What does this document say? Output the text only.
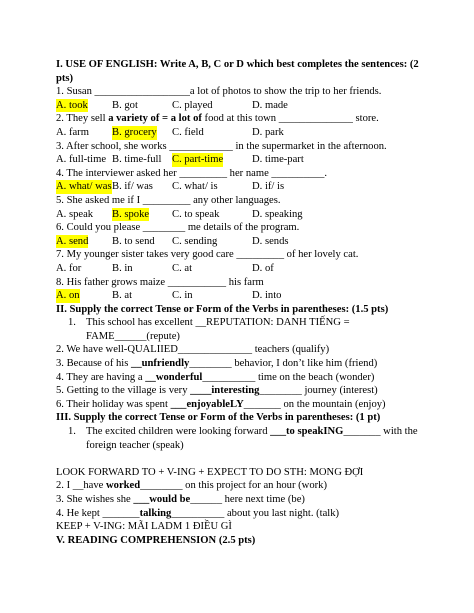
I. USE OF ENGLISH: Write A, B, C or D which best completes the sentences: (2
pts)
1. Susan __________________a lot of photos to show the trip to her friends.
A. took B. got	C. played	D. made
2. They sell a variety of = a lot of food at this town ______________ store.
A. farm B. grocery C. field	D. park
3. After school, she works ____________ in the supermarket in the afternoon.
A. full-time B. time-full C. part-time	D. time-part
4. The interviewer asked her _________ her name __________.
A. what/ was B. if/ was C. what/ is	D. if/ is
5. She asked me if I _________ any other languages.
A. speak B. spoke C. to speak	D. speaking
6. Could you please ________ me details of the program.
A. send B. to send C. sending	D. sends
7. My younger sister takes very good care _________ of her lovely cat.
A. for	B. in	C. at	D. of
8. His father grows maize ___________ his farm
A. on	B. at	C. in	D. into
II. Supply the correct Tense or Form of the Verbs in parentheses: (1.5 pts)
1. This school has excellent __REPUTATION: DANH TIẾNG =
FAME______(repute)
2. We have well-QUALIIED______________ teachers (qualify)
3. Because of his __unfriendly________ behavior, I don’t like him (friend)
4. They are having a __wonderful__________ time on the beach (wonder)
5. Getting to the village is very ____interesting________ journey (interest)
6. Their holiday was spent ___enjoyableLY_______ on the mountain (enjoy)
III. Supply the correct Tense or Form of the Verbs in parentheses: (1 pt)
1. The excited children were looking forward ___to speakING_______ with the
foreign teacher (speak)
LOOK FORWARD TO + V-ING + EXPECT TO DO STH: MONG ĐỢI
2. I __have worked________ on this project for an hour (work)
3. She wishes she ___would be______ here next time (be)
4. He kept _______talking__________ about you last night. (talk)
KEEP + V-ING: MÃI LADM 1 ĐIỀU GÌ
V. READING COMPREHENSION (2.5 pts)
